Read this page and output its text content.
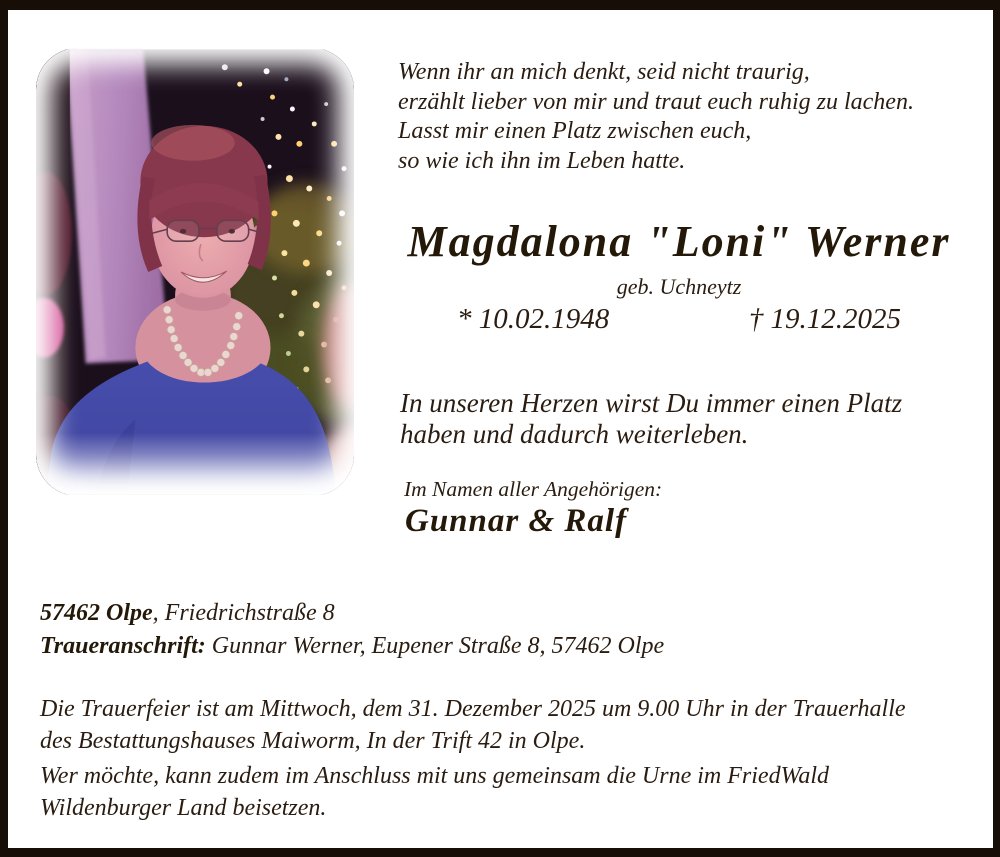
Wenn ihr an mich denkt, seid nicht traurig,
erzählt lieber von mir und traut euch ruhig zu lachen.
Lasst mir einen Platz zwischen euch,
so wie ich ihn im Leben hatte.
Magdalona "Loni" Werner
geb. Uchneytz
* 10.02.1948	† 19.12.2025
In unseren Herzen wirst Du immer einen Platz
haben und dadurch weiterleben.
Im Namen aller Angehörigen:
Gunnar & Ralf
57462 Olpe, Friedrichstraße 8
Traueranschrift: Gunnar Werner, Eupener Straße 8, 57462 Olpe
Die Trauerfeier ist am Mittwoch, dem 31. Dezember 2025 um 9.00 Uhr in der Trauerhalle
des Bestattungshauses Maiworm, In der Trift 42 in Olpe.
Wer möchte, kann zudem im Anschluss mit uns gemeinsam die Urne im FriedWald
Wildenburger Land beisetzen.
